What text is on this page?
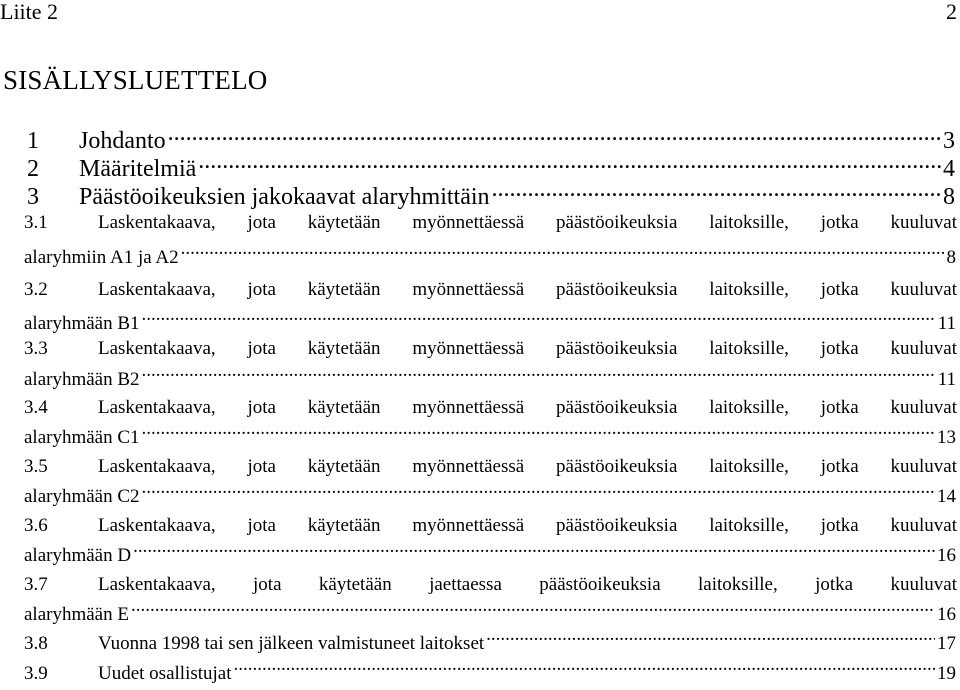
Liite 2	2
SISÄLLYSLUETTELO
1	Johdanto .....	3
2	Määritelmiä .....	4
3	Päästöoikeuksien jakokaavat alaryhmittäin .....	8
3.1	Laskentakaava, jota käytetään myönnettäessä päästöoikeuksia laitoksille, jotka kuuluvat
alaryhmiin A1 ja A2 .....	8
3.2	Laskentakaava, jota käytetään myönnettäessä päästöoikeuksia laitoksille, jotka kuuluvat
alaryhmään B1 .....	11
3.3	Laskentakaava, jota käytetään myönnettäessä päästöoikeuksia laitoksille, jotka kuuluvat
alaryhmään B2 .....	11
3.4	Laskentakaava, jota käytetään myönnettäessä päästöoikeuksia laitoksille, jotka kuuluvat
alaryhmään C1 .....	13
3.5	Laskentakaava, jota käytetään myönnettäessä päästöoikeuksia laitoksille, jotka kuuluvat
alaryhmään C2 .....	14
3.6	Laskentakaava, jota käytetään myönnettäessä päästöoikeuksia laitoksille, jotka kuuluvat
alaryhmään D .....	16
3.7	Laskentakaava, jota käytetään jaettaessa päästöoikeuksia laitoksille, jotka kuuluvat
alaryhmään E .....	16
3.8	Vuonna 1998 tai sen jälkeen valmistuneet laitokset .....	17
3.9	Uudet osallistujat .....	19
